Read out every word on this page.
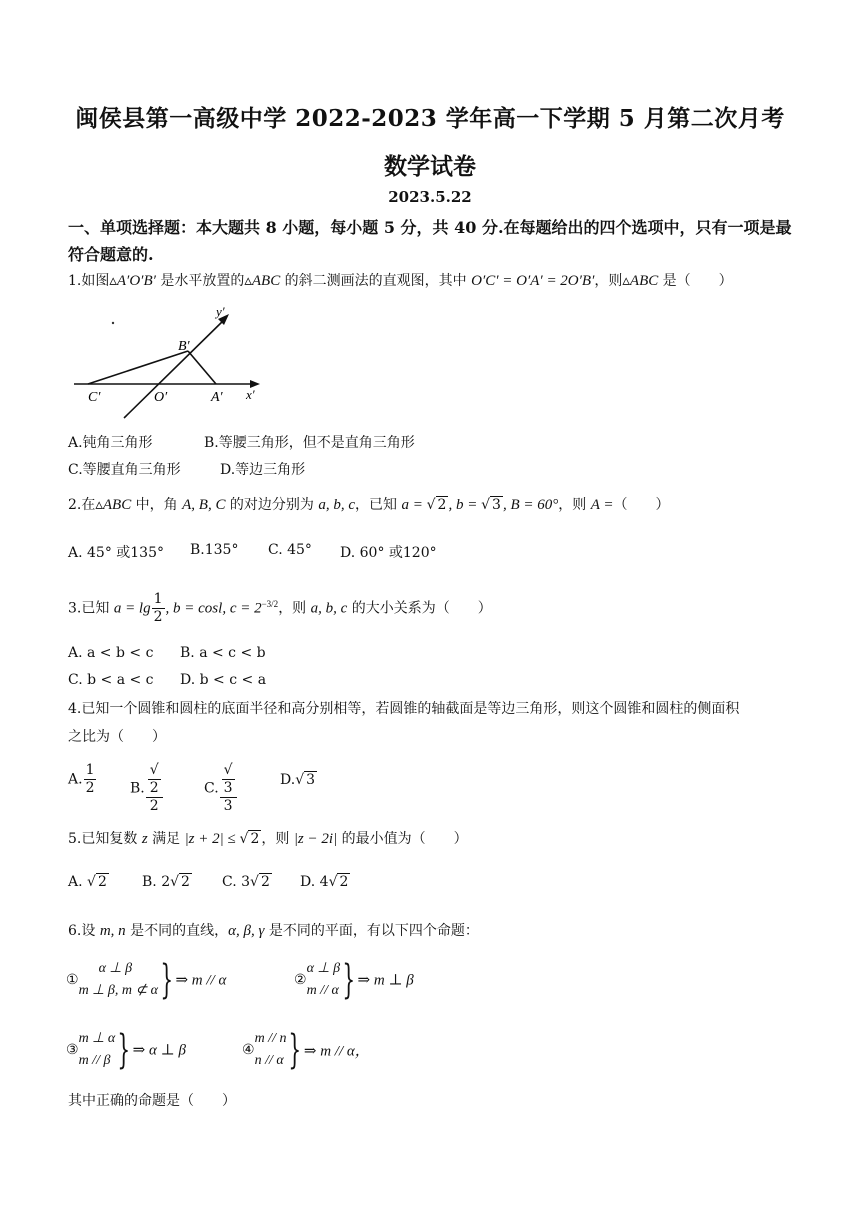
闽侯县第一高级中学 2022-2023 学年高一下学期 5 月第二次月考
数学试卷
2023.5.22
一、单项选择题：本大题共 8 小题，每小题 5 分，共 40 分.在每题给出的四个选项中，只有一项是最符合题意的.
1.如图▵A′O′B′ 是水平放置的▵ABC 的斜二测画法的直观图，其中 O′C′ = O′A′ = 2O′B′，则▵ABC 是（　　）
y′
B′
C′	O′	A′ x′
A.钝角三角形	B.等腰三角形，但不是直角三角形
C.等腰直角三角形	D.等边三角形
2.在▵ABC 中，角 A, B, C 的对边分别为 a, b, c，已知 a = √ 2 , b = √ 3 , B = 60°，则 A =（　　）
A. 45° 或135° B.135° C. 45° D. 60° 或120°
3.已知 $a = \lg \frac{1}{2}$ , b = cosl, $c = 2^{-3/2}$，则 a, b, c 的大小关系为（　　）
A. a < b < c B. a < c < b
C. b < a < c D. b < c < a
4.已知一个圆锥和圆柱的底面半径和高分别相等，若圆锥的轴截面是等边三角形，则这个圆锥和圆柱的侧面积
之比为（　　）
A. $\frac{1}{2} B$. √
2
2	C. √
3
3	D.√ 3
5.已知复数 z 满足 |z + 2| ≤ √ 2 ，则 |z − 2i| 的最小值为（　　）
A. √ 2	B. 2√ 2 C. 3√ 2 D. 4√ 2
6.设 m, n 是不同的直线，α, β, γ 是不同的平面，有以下四个命题：
①
α ⊥ β
m ⊥ β, m ⊄ α } ⇒ m // α	②
α ⊥ β
m // α } ⇒ m ⊥ β
③
m ⊥ α
m // β } ⇒ α ⊥ β	④
m // n
n // α } ⇒ m // α，
其中正确的命题是（　　）
